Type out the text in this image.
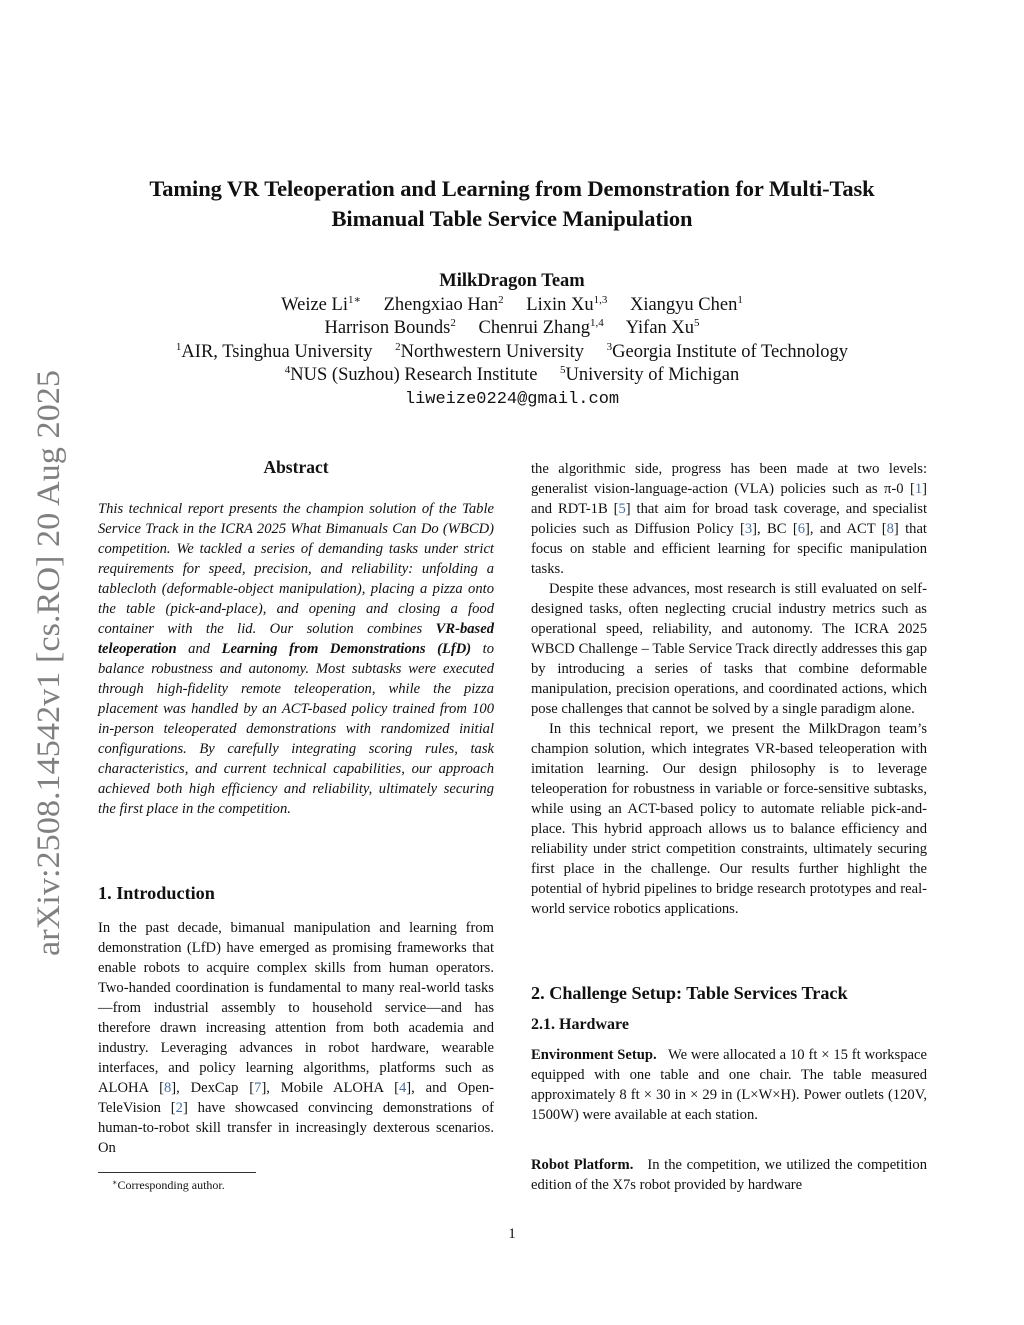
arXiv:2508.14542v1 [cs.RO] 20 Aug 2025
Taming VR Teleoperation and Learning from Demonstration for Multi-Task
Bimanual Table Service Manipulation
MilkDragon Team
Weize $Li^{1∗}$ Zhengxiao Han$^2$ Lixin Xu$^{1,3}$ Xiangyu Chen$^1$
Harrison Bounds$^2$ Chenrui Zhang$^{1,4}$ Yifan Xu$^5$
$^1$AIR, Tsinghua University $^2$Northwestern University $^3$Georgia Institute of Technology
$^4$NUS (Suzhou) Research Institute $^5$University of Michigan
liweize0224@gmail.com
Abstract

This technical report presents the champion solution of the Table Service Track in the ICRA 2025 What Bimanuals Can Do (WBCD) competition. We tackled a series of demanding tasks under strict requirements for speed, precision, and reliability: unfolding a tablecloth (deformable-object manipulation), placing a pizza onto the table (pick-and-place), and opening and closing a food container with the lid. Our solution combines VR-based teleoperation and Learning from Demonstrations (LfD) to balance robustness and autonomy. Most subtasks were executed through high-fidelity remote teleoperation, while the pizza placement was handled by an ACT-based policy trained from 100 in-person teleoperated demonstrations with randomized initial configurations. By carefully integrating scoring rules, task characteristics, and current technical capabilities, our approach achieved both high efficiency and reliability, ultimately securing the first place in the competition.

1. Introduction

In the past decade, bimanual manipulation and learning from demonstration (LfD) have emerged as promising frameworks that enable robots to acquire complex skills from human operators. Two-handed coordination is fundamental to many real-world tasks—from industrial assembly to household service—and has therefore drawn increasing attention from both academia and industry. Leveraging advances in robot hardware, wearable interfaces, and policy learning algorithms, platforms such as ALOHA [8], DexCap [7], Mobile ALOHA [4], and Open-TeleVision [2] have showcased convincing demonstrations of human-to-robot skill transfer in increasingly dexterous scenarios. On

the algorithmic side, progress has been made at two levels: generalist vision-language-action (VLA) policies such as π-0 [1] and RDT-1B [5] that aim for broad task coverage, and specialist policies such as Diffusion Policy [3], BC [6], and ACT [8] that focus on stable and efficient learning for specific manipulation tasks.

Despite these advances, most research is still evaluated on self-designed tasks, often neglecting crucial industry metrics such as operational speed, reliability, and autonomy. The ICRA 2025 WBCD Challenge – Table Service Track directly addresses this gap by introducing a series of tasks that combine deformable manipulation, precision operations, and coordinated actions, which pose challenges that cannot be solved by a single paradigm alone.

In this technical report, we present the MilkDragon team’s champion solution, which integrates VR-based teleoperation with imitation learning. Our design philosophy is to leverage teleoperation for robustness in variable or force-sensitive subtasks, while using an ACT-based policy to automate reliable pick-and-place. This hybrid approach allows us to balance efficiency and reliability under strict competition constraints, ultimately securing first place in the challenge. Our results further highlight the potential of hybrid pipelines to bridge research prototypes and real-world service robotics applications.

2. Challenge Setup: Table Services Track
2.1. Hardware

Environment Setup. We were allocated a 10 ft × 15 ft workspace equipped with one table and one chair. The table measured approximately 8 ft × 30 in × 29 in (L×W×H). Power outlets (120V, 1500W) were available at each station.

Robot Platform. In the competition, we utilized the competition edition of the X7s robot provided by hardware

∗Corresponding author.
1
